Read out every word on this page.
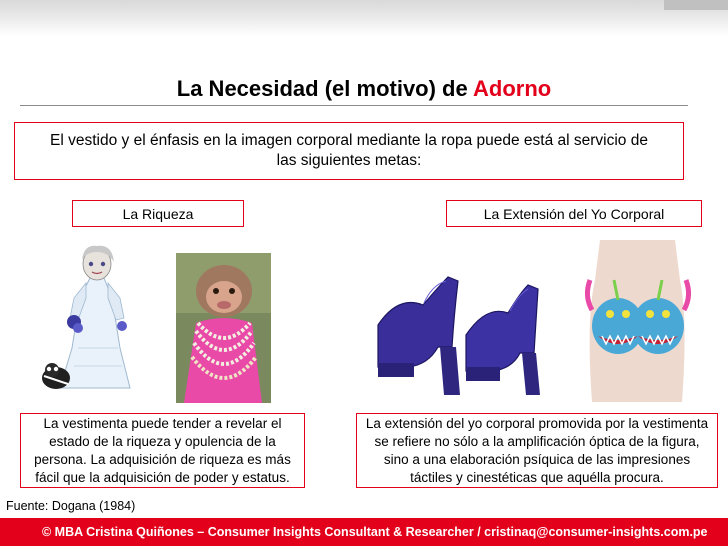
La Necesidad (el motivo) de Adorno
El vestido y el énfasis en la imagen corporal mediante la ropa puede está al servicio de las siguientes metas:
La Riqueza	La Extensión del Yo Corporal
La vestimenta puede tender a revelar el estado de la riqueza y opulencia de la persona. La adquisición de riqueza es más fácil que la adquisición de poder y estatus.
La extensión del yo corporal promovida por la vestimenta se refiere no sólo a la amplificación óptica de la figura, sino a una elaboración psíquica de las impresiones táctiles y cinestéticas que aquélla procura.
Fuente: Dogana (1984)
© MBA Cristina Quiñones – Consumer Insights Consultant & Researcher / cristinaq@consumer-insights.com.pe
